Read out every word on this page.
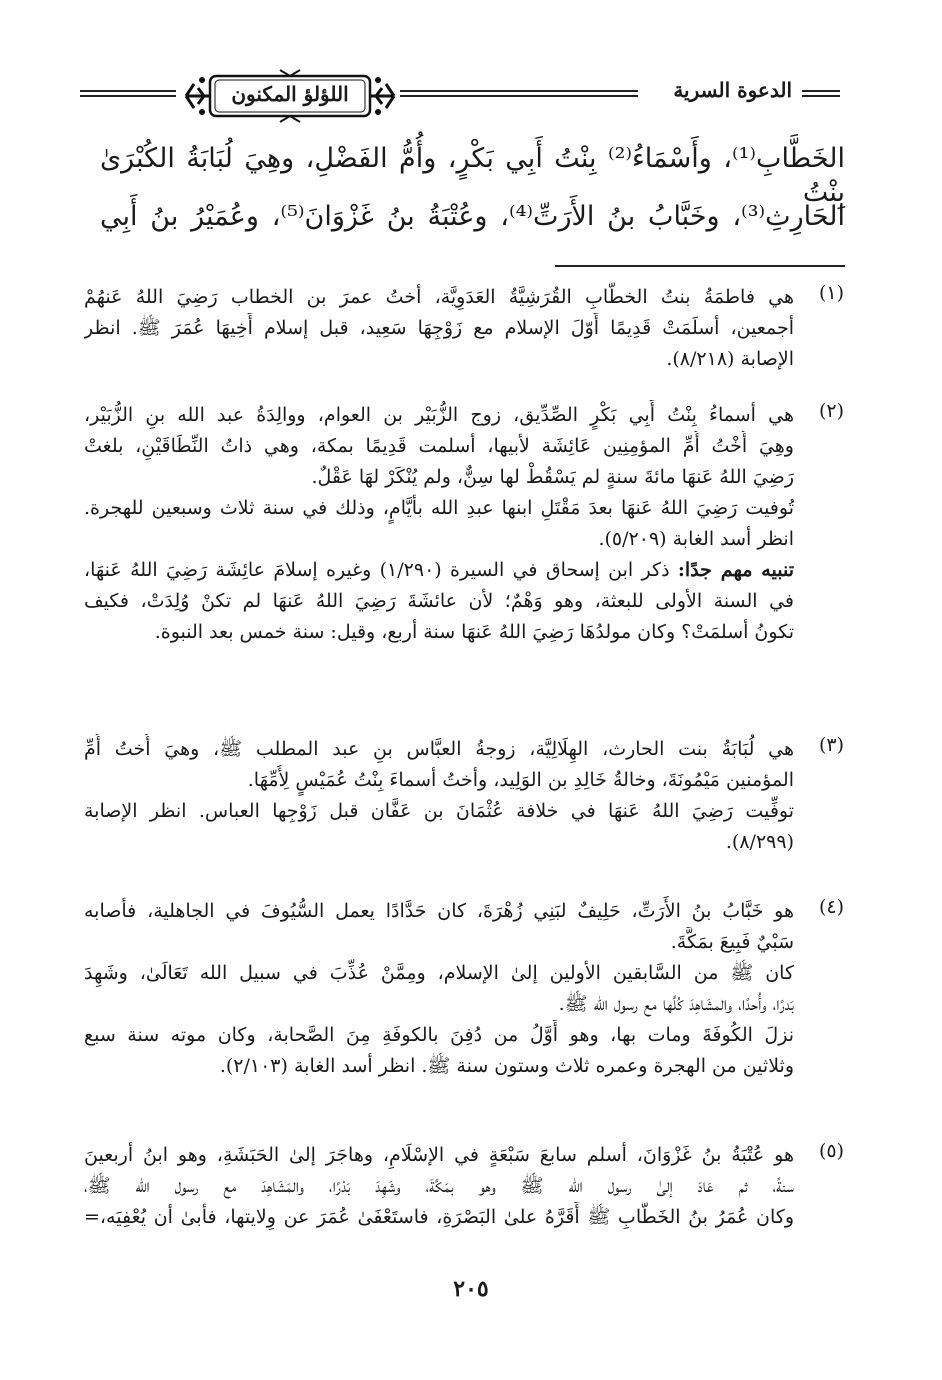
اللؤلؤ المكنون	الدعوة السرية
الخَطَّابِ⁽¹⁾، وأَسْمَاءُ⁽²⁾ بِنْتُ أَبِي بَكْرٍ، وأُمُّ الفَضْلِ، وهِيَ لُبَابَةُ الكُبْرَىٰ بِنْتُ
الحَارِثِ⁽³⁾، وخَبَّابُ بنُ الأَرَتِّ⁽⁴⁾، وعُتْبَةُ بنُ غَزْوَانَ⁽⁵⁾، وعُمَيْرُ بنُ أَبِي
(١)
هي فاطمَةُ بنتُ الخطَّابِ القُرَشِيَّةُ العَدَوِيَّة، أختُ عمرَ بن الخطاب رَضِيَ اللهُ عَنهُمْ
أجمعين، أسلَمَتْ قَدِيمًا أَوّلَ الإسلام مع زَوْجِهَا سَعِيد، قبل إسلام أَخِيهَا عُمَرَ ﷺ. انظر
الإصابة (٨/٢١٨).
(٢)
هي أسماءُ بِنْتُ أَبِي بَكْرٍ الصِّدِّيق، زوج الزُّبَيْر بن العوام، ووالِدَةُ عبد الله بنِ الزُّبَيْر،
وهِيَ أُخْتُ أُمِّ المؤمِنِين عَائِشَة لأبيها، أسلمت قَدِيمًا بمكة، وهي ذاتُ النِّطَاقَيْنِ، بلغتْ
رَضِيَ اللهُ عَنهَا مائةَ سنةٍ لم يَسْقُطْ لها سِنٌّ، ولم يُنْكَرْ لهَا عَقْلٌ.
تُوفيت رَضِيَ اللهُ عَنهَا بعدَ مَقْتَلِ ابنها عبدِ الله بأيَّامٍ، وذلك في سنة ثلاث وسبعين للهجرة.
انظر أسد الغابة (٥/٢٠٩).
تنبيه مهم جدًا: ذكر ابن إسحاق في السيرة (١/٢٩٠) وغيره إسلامَ عائِشَة رَضِيَ اللهُ عَنهَا،
في السنة الأولى للبعثة، وهو وَهْمٌ؛ لأن عائشَةَ رَضِيَ اللهُ عَنهَا لم تكنْ وُلِدَتْ، فكيف
تكونُ أسلمَتْ؟ وكان مولدُهَا رَضِيَ اللهُ عَنهَا سنة أربع، وقيل: سنة خمس بعد النبوة.
(٣)
هي لُبَابَةُ بنت الحارث، الهِلَالِيَّة، زوجةُ العبَّاس بنِ عبد المطلب ﷺ، وهيَ أُختُ أُمِّ
المؤمنين مَيْمُونَةَ، وخالةُ خَالِدِ بن الوَلِيد، وأختُ أسماءَ بِنْتُ عُمَيْسٍ لِأُمِّهَا.
توفِّيت رَضِيَ اللهُ عَنهَا في خلافة عُثْمَانَ بن عَفَّان قبل زَوْجِها العباس. انظر الإصابة
(٨/٢٩٩).
(٤)
هو خَبَّابُ بنُ الأَرَتِّ، حَلِيفٌ لبَنِي زُهْرَةَ، كان حَدَّادًا يعمل السُّيُوفَ في الجاهلية، فأصابه
سَبْيٌ فَبِيعَ بمَكَّةَ.
كان ﷺ من السَّابقين الأولين إلىٰ الإسلام، ومِمَّنْ عُذِّبَ في سبيل الله تَعَالَىٰ، وشَهِدَ
بَدرًا، وأُحدًا، والمشَاهِدَ كُلَّها مع رسول الله ﷺ.
نزلَ الكُوفَةَ ومات بها، وهو أَوَّلُ من دُفِنَ بالكوفَةِ مِنَ الصَّحابة، وكان موته سنة سبع
وثلاثين من الهجرة وعمره ثلاث وستون سنة ﷺ. انظر أسد الغابة (٢/١٠٣).
(٥)
هو عُتْبَةُ بنُ غَزْوَانَ، أسلم سابعَ سَبْعَةٍ في الإسْلَامِ، وهاجَرَ إلىٰ الحَبَشَةِ، وهو ابنُ أربعينَ
سنةً، ثم عَادَ إلىٰ رسول الله ﷺ وهو بمَكَّةَ، وشَهِدَ بَدْرًا، والمَشَاهِدَ مع رسول الله ﷺ،
وكان عُمَرُ بنُ الخَطَّابِ ﷺ أَقَرَّهُ علىٰ البَصْرَةِ، فاستَعْفَىٰ عُمَرَ عن وِلايتها، فأبىٰ أن يُعْفِيَه،=
٢٠٥
